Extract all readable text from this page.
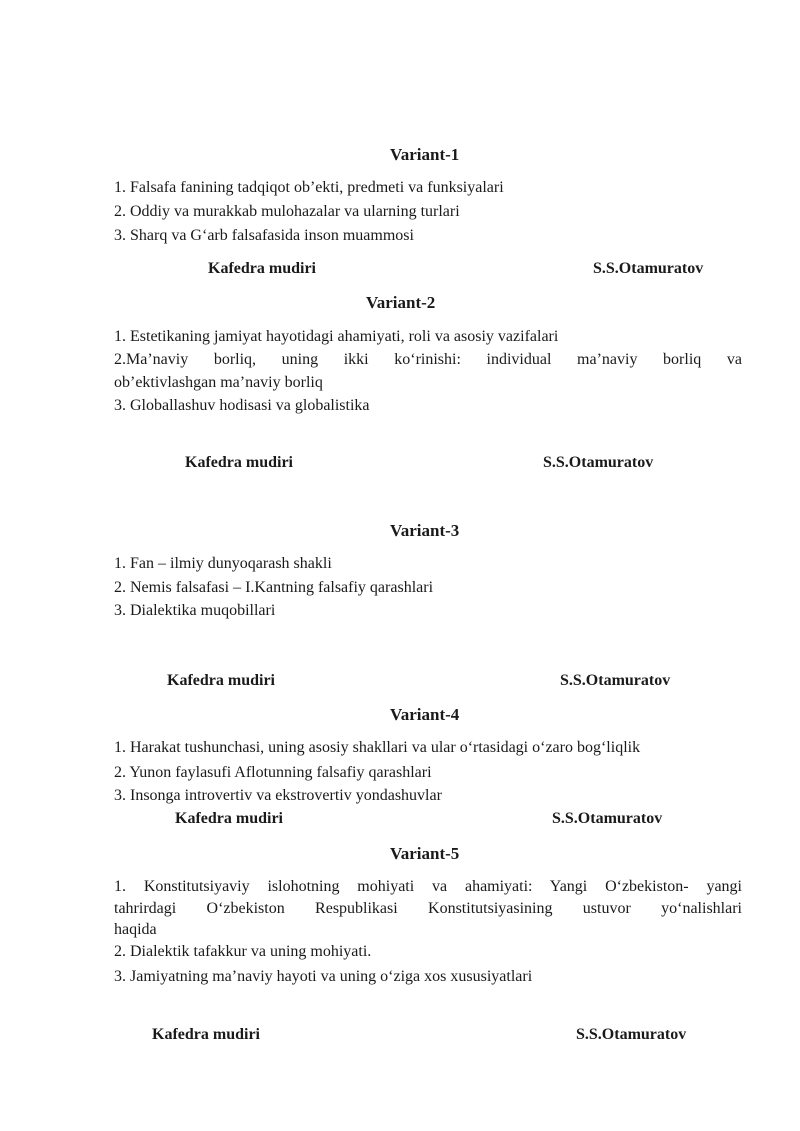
Variant-1
1. Falsafa fanining tadqiqot ob’ekti, predmeti va funksiyalari
2. Oddiy va murakkab mulohazalar va ularning turlari
3. Sharq va G‘arb falsafasida inson muammosi
Kafedra mudiri	S.S.Otamuratov
Variant-2
1. Estetikaning jamiyat hayotidagi ahamiyati, roli va asosiy vazifalari
2.Ma’naviy borliq, uning ikki ko‘rinishi: individual ma’naviy borliq va
ob’ektivlashgan ma’naviy borliq
3. Globallashuv hodisasi va globalistika
Kafedra mudiri	S.S.Otamuratov
Variant-3
1. Fan – ilmiy dunyoqarash shakli
2. Nemis falsafasi – I.Kantning falsafiy qarashlari
3. Dialektika muqobillari
Kafedra mudiri	S.S.Otamuratov
Variant-4
1. Harakat tushunchasi, uning asosiy shakllari va ular o‘rtasidagi o‘zaro bog‘liqlik
2. Yunon faylasufi Aflotunning falsafiy qarashlari
3. Insonga introvertiv va ekstrovertiv yondashuvlar
Kafedra mudiri	S.S.Otamuratov
Variant-5
1. Konstitutsiyaviy islohotning mohiyati va ahamiyati: Yangi O‘zbekiston- yangi
tahrirdagi O‘zbekiston Respublikasi Konstitutsiyasining ustuvor yo‘nalishlari
haqida
2. Dialektik tafakkur va uning mohiyati.
3. Jamiyatning ma’naviy hayoti va uning o‘ziga xos xususiyatlari
Kafedra mudiri	S.S.Otamuratov
